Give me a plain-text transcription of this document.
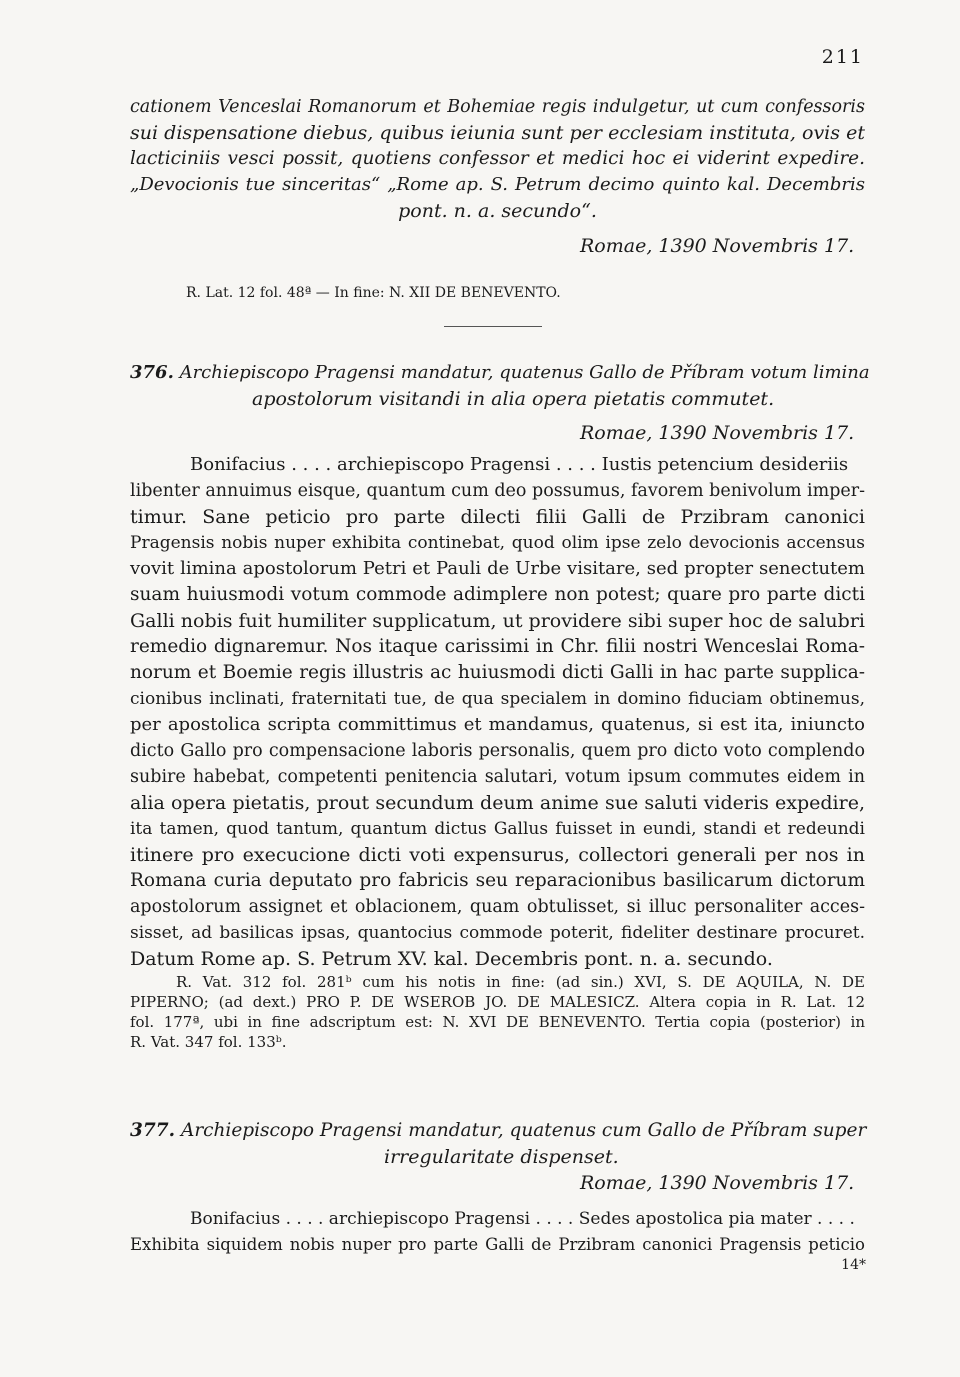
211
cationem Venceslai Romanorum et Bohemiae regis indulgetur, ut cum confessoris
sui dispensatione diebus, quibus ieiunia sunt per ecclesiam instituta, ovis et
lacticiniis vesci possit, quotiens confessor et medici hoc ei viderint expedire.
„Devocionis tue sinceritas“ „Rome ap. S. Petrum decimo quinto kal. Decembris
pont. n. a. secundo“.
Romae, 1390 Novembris 17.
R. Lat. 12 fol. 48ª — In fine: N. XII DE BENEVENTO.
376. Archiepiscopo Pragensi mandatur, quatenus Gallo de Příbram votum limina
apostolorum visitandi in alia opera pietatis commutet.
Romae, 1390 Novembris 17.
Bonifacius . . . . archiepiscopo Pragensi . . . . Iustis petencium desideriis
libenter annuimus eisque, quantum cum deo possumus, favorem benivolum imper-
timur. Sane peticio pro parte dilecti filii Galli de Przibram canonici
Pragensis nobis nuper exhibita continebat, quod olim ipse zelo devocionis accensus
vovit limina apostolorum Petri et Pauli de Urbe visitare, sed propter senectutem
suam huiusmodi votum commode adimplere non potest; quare pro parte dicti
Galli nobis fuit humiliter supplicatum, ut providere sibi super hoc de salubri
remedio dignaremur. Nos itaque carissimi in Chr. filii nostri Wenceslai Roma-
norum et Boemie regis illustris ac huiusmodi dicti Galli in hac parte supplica-
cionibus inclinati, fraternitati tue, de qua specialem in domino fiduciam obtinemus,
per apostolica scripta committimus et mandamus, quatenus, si est ita, iniuncto
dicto Gallo pro compensacione laboris personalis, quem pro dicto voto complendo
subire habebat, competenti penitencia salutari, votum ipsum commutes eidem in
alia opera pietatis, prout secundum deum anime sue saluti videris expedire,
ita tamen, quod tantum, quantum dictus Gallus fuisset in eundi, standi et redeundi
itinere pro execucione dicti voti expensurus, collectori generali per nos in
Romana curia deputato pro fabricis seu reparacionibus basilicarum dictorum
apostolorum assignet et oblacionem, quam obtulisset, si illuc personaliter acces-
sisset, ad basilicas ipsas, quantocius commode poterit, fideliter destinare procuret.
Datum Rome ap. S. Petrum XV. kal. Decembris pont. n. a. secundo.
R. Vat. 312 fol. 281ᵇ cum his notis in fine: (ad sin.) XVI, S. DE AQUILA, N. DE
PIPERNO; (ad dext.) PRO P. DE WSEROB JO. DE MALESICZ. Altera copia in R. Lat. 12
fol. 177ª, ubi in fine adscriptum est: N. XVI DE BENEVENTO. Tertia copia (posterior) in
R. Vat. 347 fol. 133ᵇ.
377. Archiepiscopo Pragensi mandatur, quatenus cum Gallo de Příbram super
irregularitate dispenset.
Romae, 1390 Novembris 17.
Bonifacius . . . . archiepiscopo Pragensi . . . . Sedes apostolica pia mater . . . .
Exhibita siquidem nobis nuper pro parte Galli de Przibram canonici Pragensis peticio
14*
